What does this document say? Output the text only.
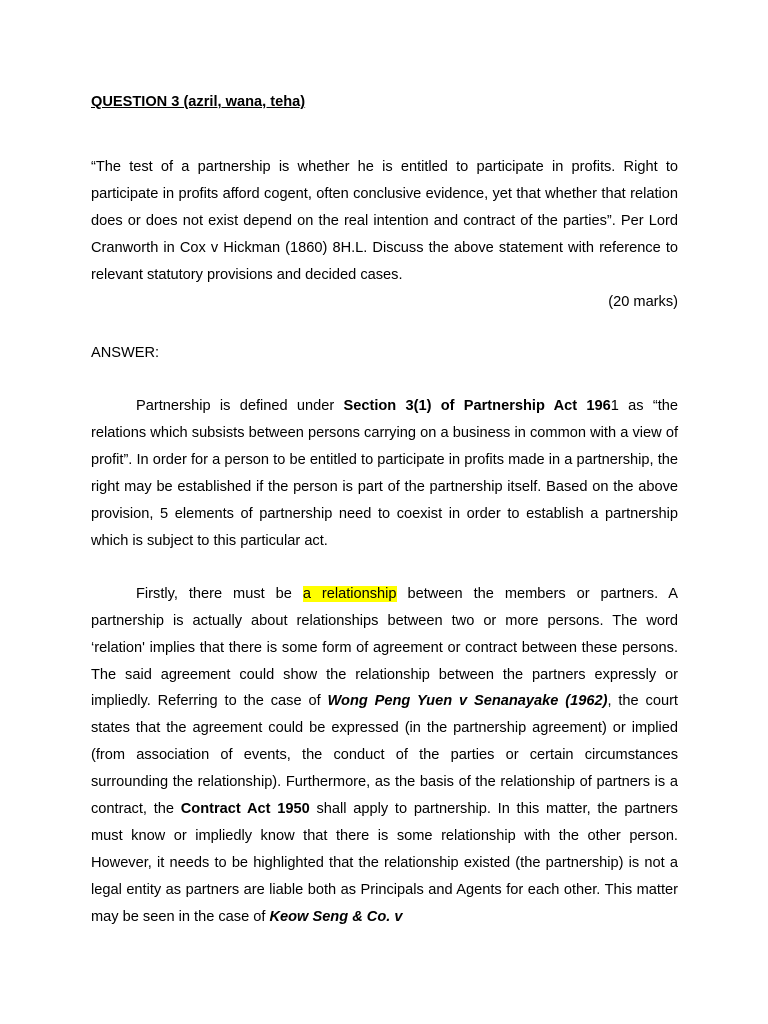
QUESTION 3 (azril, wana, teha)

“The test of a partnership is whether he is entitled to participate in profits. Right to participate in profits afford cogent, often conclusive evidence, yet that whether that relation does or does not exist depend on the real intention and contract of the parties”. Per Lord Cranworth in Cox v Hickman (1860) 8H.L. Discuss the above statement with reference to relevant statutory provisions and decided cases.

(20 marks)

ANSWER:

Partnership is defined under Section 3(1) of Partnership Act 1961 as “the relations which subsists between persons carrying on a business in common with a view of profit”. In order for a person to be entitled to participate in profits made in a partnership, the right may be established if the person is part of the partnership itself. Based on the above provision, 5 elements of partnership need to coexist in order to establish a partnership which is subject to this particular act.

Firstly, there must be a relationship between the members or partners. A partnership is actually about relationships between two or more persons. The word ‘relation' implies that there is some form of agreement or contract between these persons. The said agreement could show the relationship between the partners expressly or impliedly. Referring to the case of Wong Peng Yuen v Senanayake (1962), the court states that the agreement could be expressed (in the partnership agreement) or implied (from association of events, the conduct of the parties or certain circumstances surrounding the relationship). Furthermore, as the basis of the relationship of partners is a contract, the Contract Act 1950 shall apply to partnership. In this matter, the partners must know or impliedly know that there is some relationship with the other person. However, it needs to be highlighted that the relationship existed (the partnership) is not a legal entity as partners are liable both as Principals and Agents for each other. This matter may be seen in the case of Keow Seng & Co. v
